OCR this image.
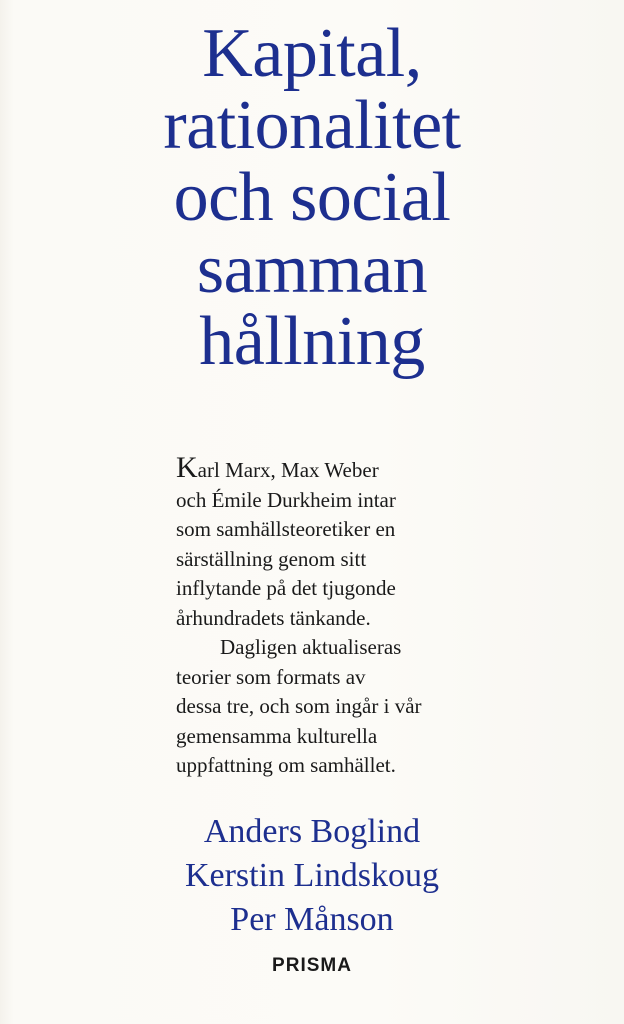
Kapital,
rationalitet
och social
samman
hållning
Karl Marx, Max Weber
och Émile Durkheim intar
som samhällsteoretiker en
särställning genom sitt
inflytande på det tjugonde
århundradets tänkande.
Dagligen aktualiseras
teorier som formats av
dessa tre, och som ingår i vår
gemensamma kulturella
uppfattning om samhället.
Anders Boglind
Kerstin Lindskoug
Per Månson
PRISMA
